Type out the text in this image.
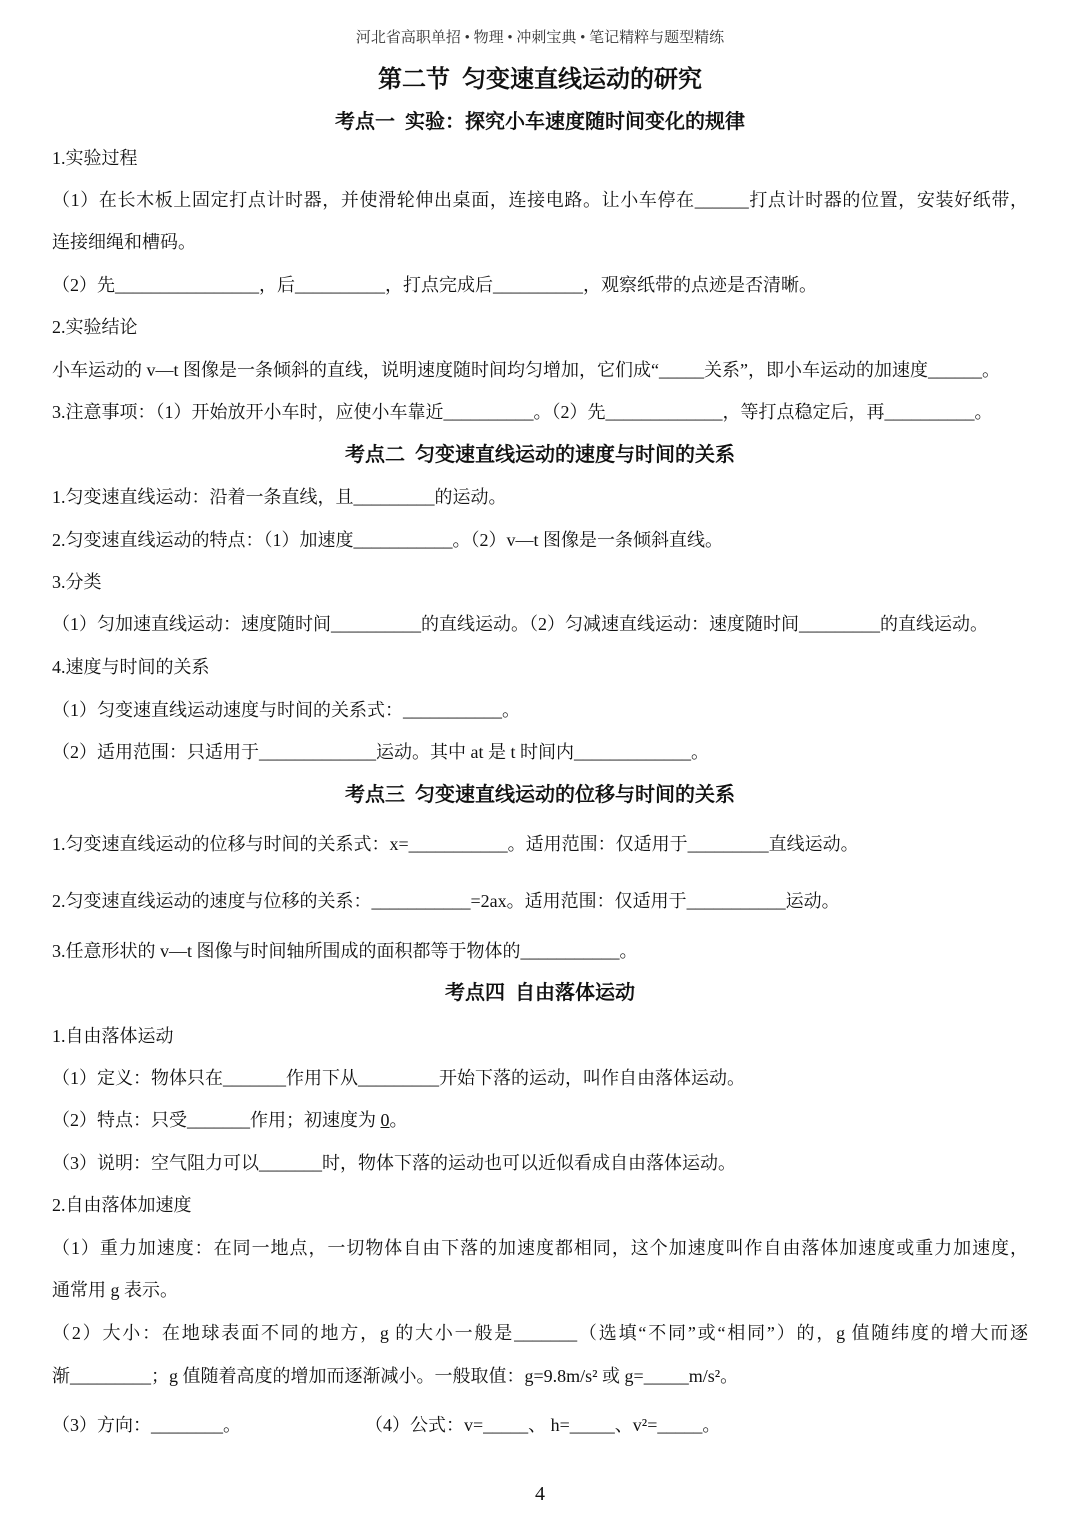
河北省高职单招 • 物理 • 冲刺宝典 • 笔记精粹与题型精练
第二节  匀变速直线运动的研究
考点一  实验：探究小车速度随时间变化的规律
1.实验过程
（1）在长木板上固定打点计时器，并使滑轮伸出桌面，连接电路。让小车停在______打点计时器的位置，安装好纸带，
连接细绳和槽码。
（2）先________________，后__________，打点完成后__________，观察纸带的点迹是否清晰。
2.实验结论
小车运动的 v—t 图像是一条倾斜的直线，说明速度随时间均匀增加，它们成“_____关系”，即小车运动的加速度______。
3.注意事项：（1）开始放开小车时，应使小车靠近__________。（2）先_____________，等打点稳定后，再__________。
考点二  匀变速直线运动的速度与时间的关系
1.匀变速直线运动：沿着一条直线，且_________的运动。
2.匀变速直线运动的特点：（1）加速度___________。（2）v—t 图像是一条倾斜直线。
3.分类
（1）匀加速直线运动：速度随时间__________的直线运动。（2）匀减速直线运动：速度随时间_________的直线运动。
4.速度与时间的关系
（1）匀变速直线运动速度与时间的关系式：___________。
（2）适用范围：只适用于_____________运动。其中 at 是 t 时间内_____________。
考点三  匀变速直线运动的位移与时间的关系
1.匀变速直线运动的位移与时间的关系式：x=___________。适用范围：仅适用于_________直线运动。
2.匀变速直线运动的速度与位移的关系：___________=2ax。适用范围：仅适用于___________运动。
3.任意形状的 v—t 图像与时间轴所围成的面积都等于物体的___________。
考点四  自由落体运动
1.自由落体运动
（1）定义：物体只在_______作用下从_________开始下落的运动，叫作自由落体运动。
（2）特点：只受_______作用；初速度为 0。
（3）说明：空气阻力可以_______时，物体下落的运动也可以近似看成自由落体运动。
2.自由落体加速度
（1）重力加速度：在同一地点，一切物体自由下落的加速度都相同，这个加速度叫作自由落体加速度或重力加速度，
通常用 g 表示。
（2）大小：在地球表面不同的地方，g 的大小一般是_______（选填“不同”或“相同”）的，g 值随纬度的增大而逐
渐_________；g 值随着高度的增加而逐渐减小。一般取值：g=9.8m/s² 或 g=_____m/s²。
（3）方向：________。	（4）公式：v=_____、 h=_____、v²=_____。
4
